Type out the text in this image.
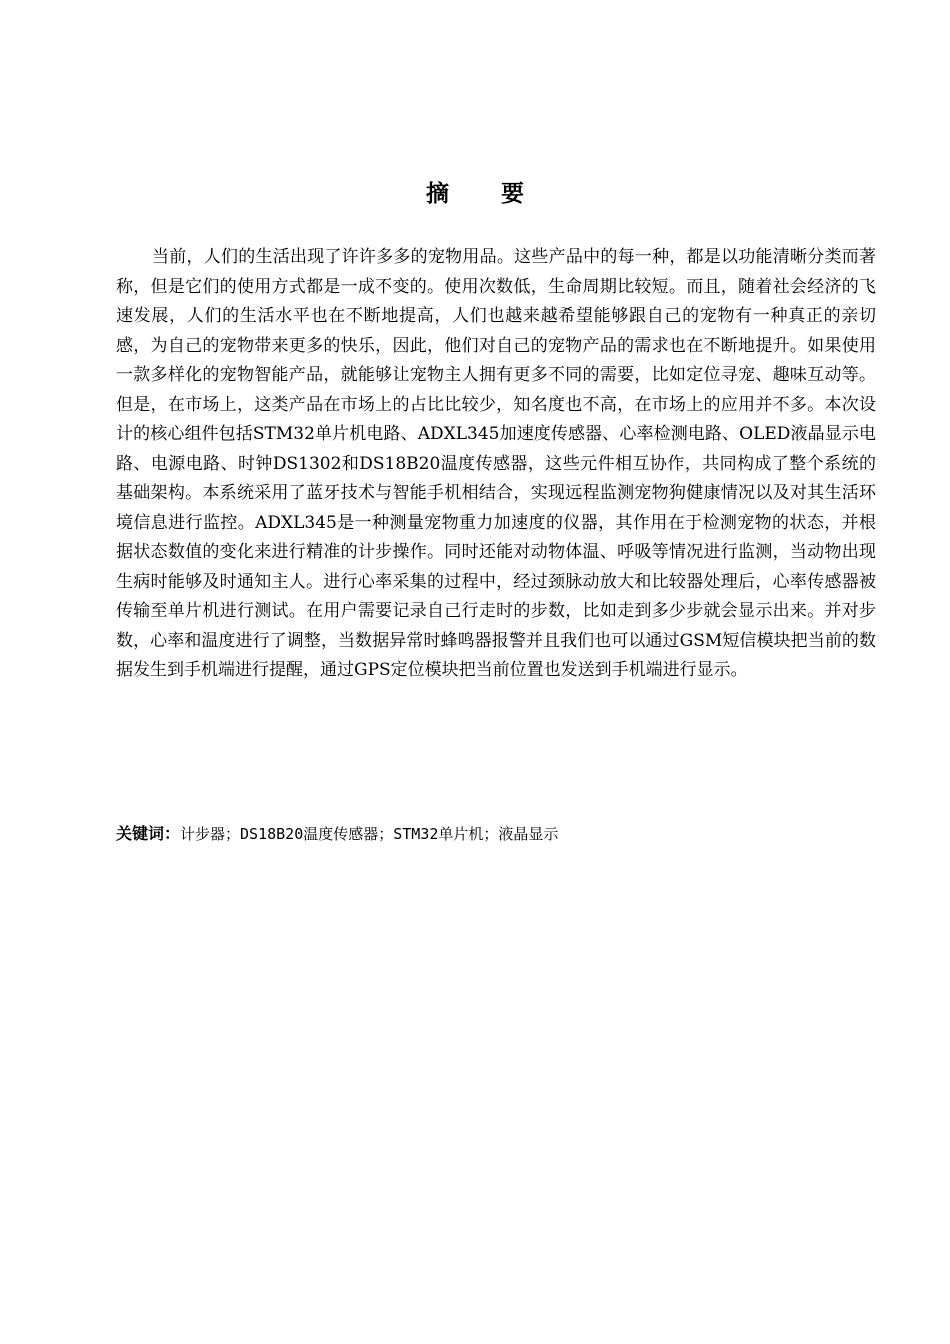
摘 要

当前，人们的生活出现了许许多多的宠物用品。这些产品中的每一种，都是以功能清晰分类而著称，但是它们的使用方式都是一成不变的。使用次数低，生命周期比较短。而且，随着社会经济的飞速发展，人们的生活水平也在不断地提高，人们也越来越希望能够跟自己的宠物有一种真正的亲切感，为自己的宠物带来更多的快乐，因此，他们对自己的宠物产品的需求也在不断地提升。如果使用一款多样化的宠物智能产品，就能够让宠物主人拥有更多不同的需要，比如定位寻宠、趣味互动等。但是，在市场上，这类产品在市场上的占比比较少，知名度也不高，在市场上的应用并不多。本次设计的核心组件包括STM32单片机电路、ADXL345加速度传感器、心率检测电路、OLED液晶显示电路、电源电路、时钟DS1302和DS18B20温度传感器，这些元件相互协作，共同构成了整个系统的基础架构。本系统采用了蓝牙技术与智能手机相结合，实现远程监测宠物狗健康情况以及对其生活环境信息进行监控。ADXL345是一种测量宠物重力加速度的仪器，其作用在于检测宠物的状态，并根据状态数值的变化来进行精准的计步操作。同时还能对动物体温、呼吸等情况进行监测，当动物出现生病时能够及时通知主人。进行心率采集的过程中，经过颈脉动放大和比较器处理后，心率传感器被传输至单片机进行测试。在用户需要记录自己行走时的步数，比如走到多少步就会显示出来。并对步数，心率和温度进行了调整，当数据异常时蜂鸣器报警并且我们也可以通过GSM短信模块把当前的数据发生到手机端进行提醒，通过GPS定位模块把当前位置也发送到手机端进行显示。

关键词：计步器；DS18B20温度传感器；STM32单片机；液晶显示
